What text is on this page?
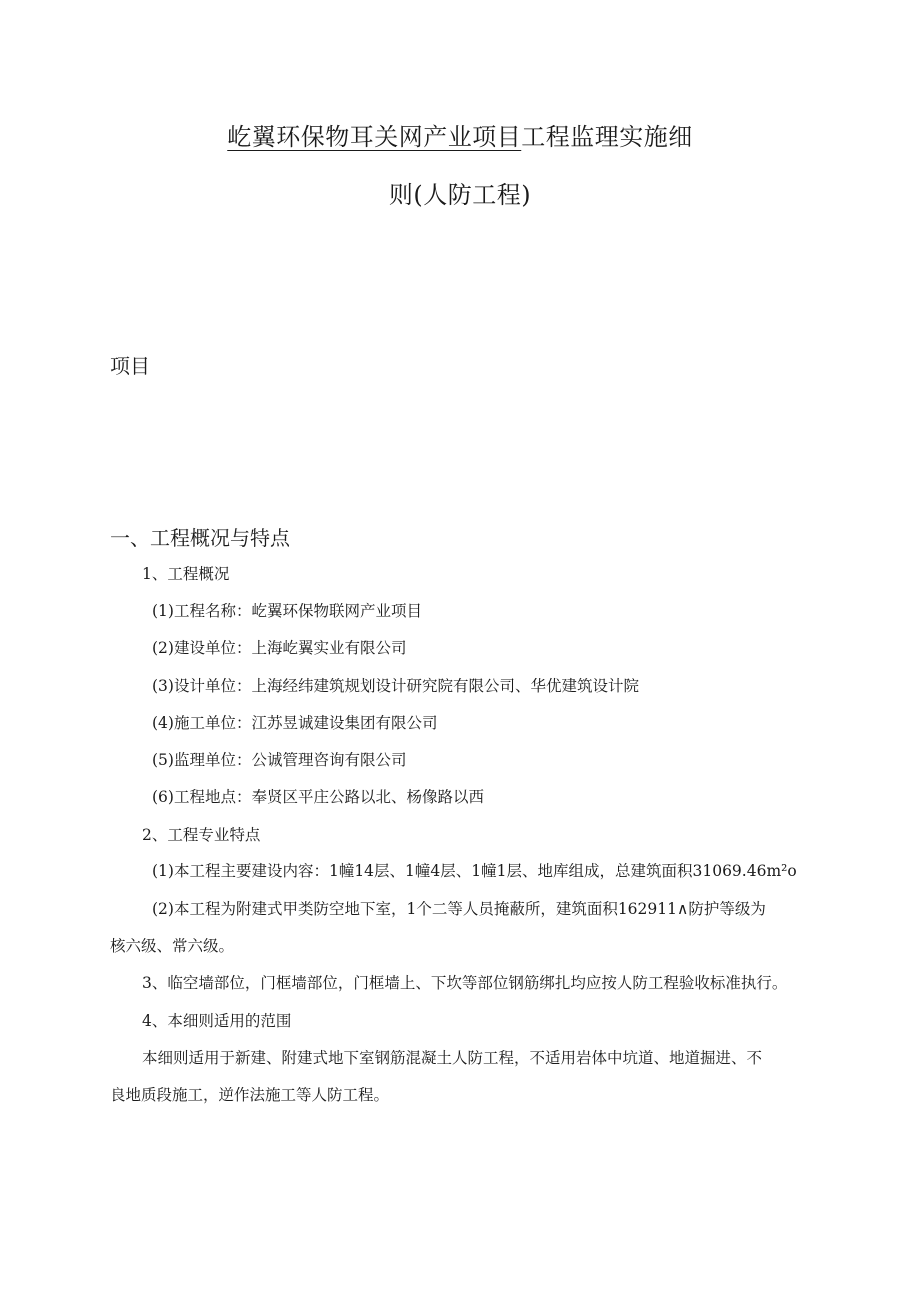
屹翼环保物耳关网产业项目工程监理实施细
则(人防工程)
项目
一、工程概况与特点
1、工程概况
(1)工程名称：屹翼环保物联网产业项目
(2)建设单位：上海屹翼实业有限公司
(3)设计单位：上海经纬建筑规划设计研究院有限公司、华优建筑设计院
(4)施工单位：江苏昱诚建设集团有限公司
(5)监理单位：公诚管理咨询有限公司
(6)工程地点：奉贤区平庄公路以北、杨像路以西
2、工程专业特点
(1)本工程主要建设内容：1幢14层、1幢4层、1幢1层、地库组成，总建筑面积31069.46m²o
(2)本工程为附建式甲类防空地下室，1个二等人员掩蔽所，建筑面积162911∧防护等级为
核六级、常六级。
3、临空墙部位，门框墙部位，门框墙上、下坎等部位钢筋绑扎均应按人防工程验收标准执行。
4、本细则适用的范围
本细则适用于新建、附建式地下室钢筋混凝土人防工程，不适用岩体中坑道、地道掘进、不
良地质段施工，逆作法施工等人防工程。
